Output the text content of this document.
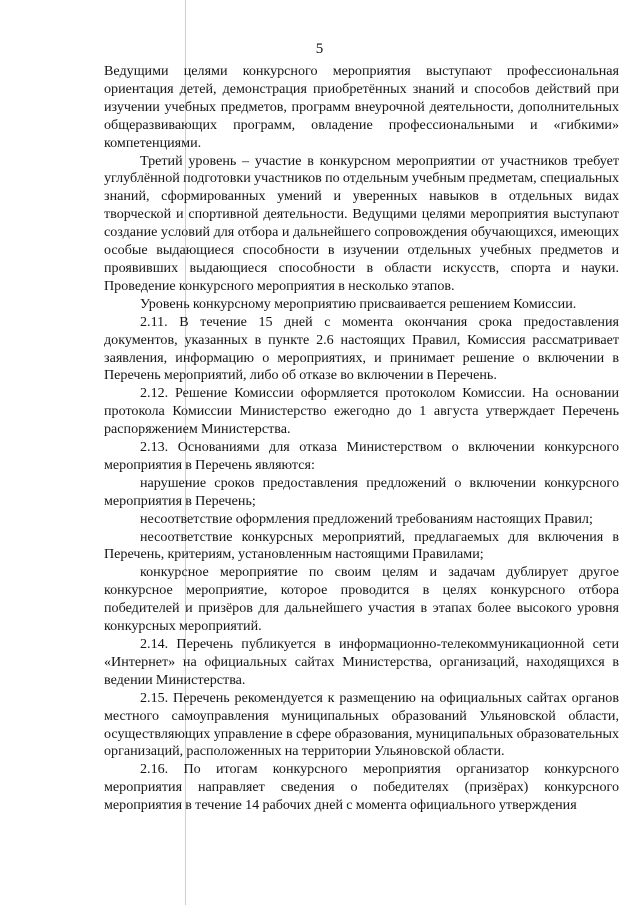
5

Ведущими целями конкурсного мероприятия выступают профессиональная ориентация детей, демонстрация приобретённых знаний и способов действий при изучении учебных предметов, программ внеурочной деятельности, дополнительных общеразвивающих программ, овладение профессиональными и «гибкими» компетенциями.

Третий уровень – участие в конкурсном мероприятии от участников требует углублённой подготовки участников по отдельным учебным предметам, специальных знаний, сформированных умений и уверенных навыков в отдельных видах творческой и спортивной деятельности. Ведущими целями мероприятия выступают создание условий для отбора и дальнейшего сопровождения обучающихся, имеющих особые выдающиеся способности в изучении отдельных учебных предметов и проявивших выдающиеся способности в области искусств, спорта и науки. Проведение конкурсного мероприятия в несколько этапов.

Уровень конкурсному мероприятию присваивается решением Комиссии.

2.11. В течение 15 дней с момента окончания срока предоставления документов, указанных в пункте 2.6 настоящих Правил, Комиссия рассматривает заявления, информацию о мероприятиях, и принимает решение о включении в Перечень мероприятий, либо об отказе во включении в Перечень.

2.12. Решение Комиссии оформляется протоколом Комиссии. На основании протокола Комиссии Министерство ежегодно до 1 августа утверждает Перечень распоряжением Министерства.

2.13. Основаниями для отказа Министерством о включении конкурсного мероприятия в Перечень являются:

нарушение сроков предоставления предложений о включении конкурсного мероприятия в Перечень;

несоответствие оформления предложений требованиям настоящих Правил;

несоответствие конкурсных мероприятий, предлагаемых для включения в Перечень, критериям, установленным настоящими Правилами;

конкурсное мероприятие по своим целям и задачам дублирует другое конкурсное мероприятие, которое проводится в целях конкурсного отбора победителей и призёров для дальнейшего участия в этапах более высокого уровня конкурсных мероприятий.

2.14. Перечень публикуется в информационно-телекоммуникационной сети «Интернет» на официальных сайтах Министерства, организаций, находящихся в ведении Министерства.

2.15. Перечень рекомендуется к размещению на официальных сайтах органов местного самоуправления муниципальных образований Ульяновской области, осуществляющих управление в сфере образования, муниципальных образовательных организаций, расположенных на территории Ульяновской области.

2.16. По итогам конкурсного мероприятия организатор конкурсного мероприятия направляет сведения о победителях (призёрах) конкурсного мероприятия в течение 14 рабочих дней с момента официального утверждения
